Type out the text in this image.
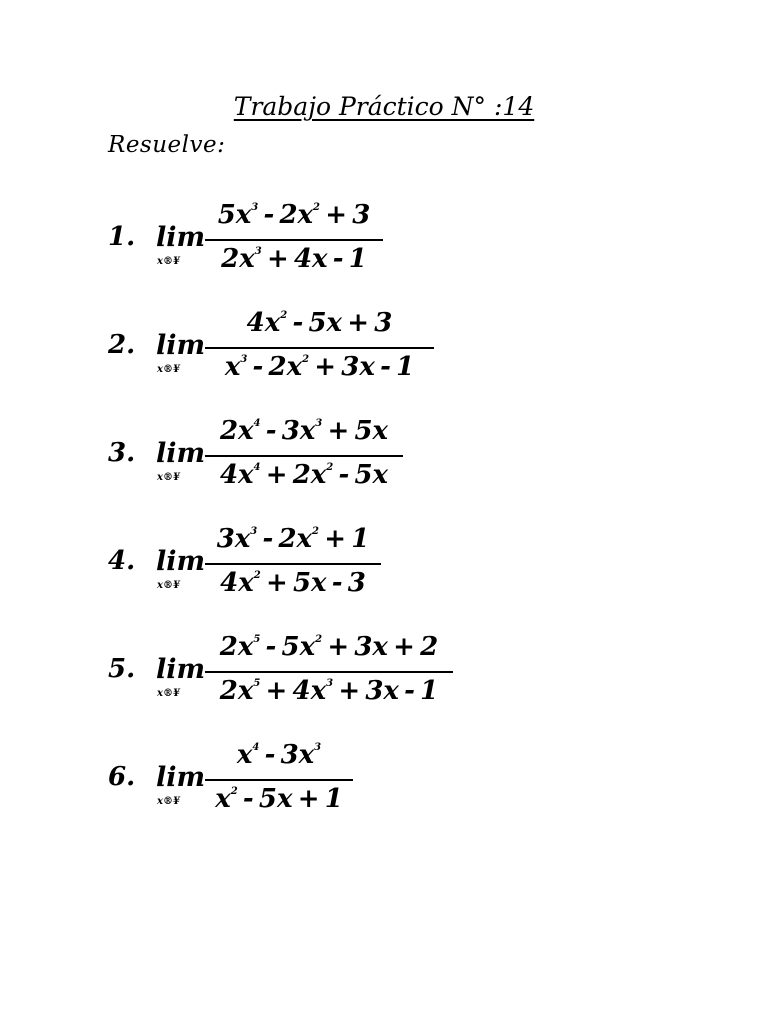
Trabajo Práctico N° :14
Resuelve:
1. lim
x®¥
$5x^3 - 2x^2 + 3$
$2x^3 + 4x - 1$
2. lim
x®¥
$4x^2 - 5x + 3$
$x^3 - 2x^2 + 3x - 1$
3. lim
x®¥
$2x^4 - 3x^3 + 5x$
$4x^4 + 2x^2 - 5x$
4. lim
x®¥
$3x^3 - 2x^2 + 1$
$4x^2 + 5x - 3$
5. lim
x®¥
$2x^5 - 5x^2 + 3x + 2$
$2x^5 + 4x^3 + 3x - 1$
6. lim
x®¥
$x^4 - 3x^3$
$x^2 - 5x + 1$
